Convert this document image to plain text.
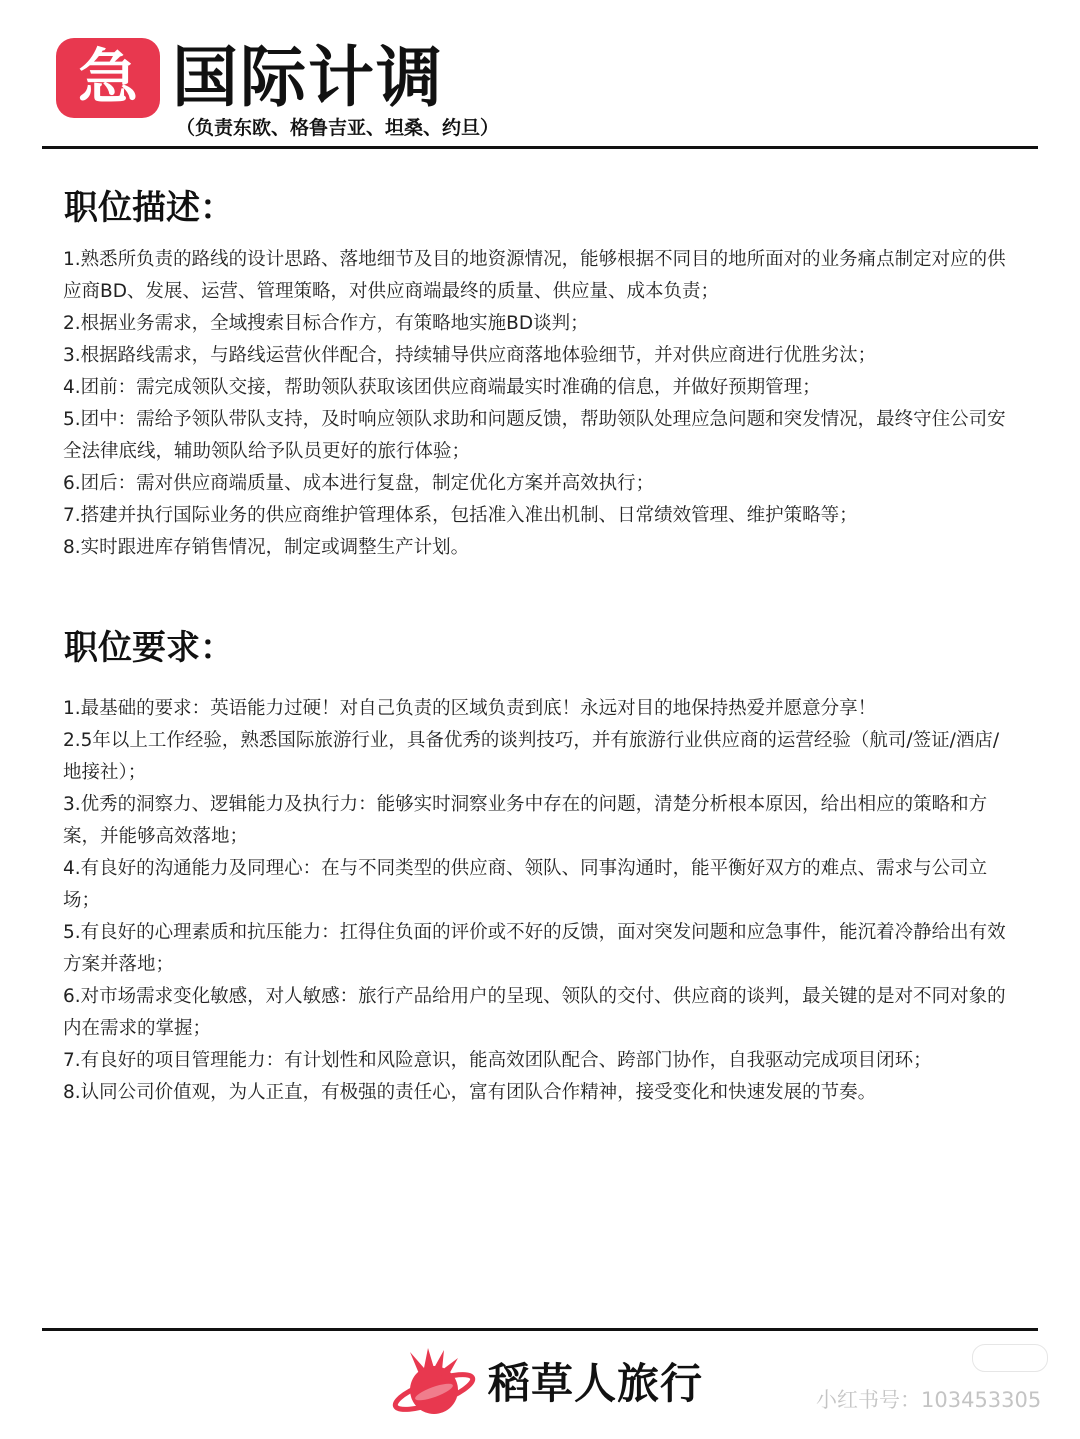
急 国际计调
（负责东欧、格鲁吉亚、坦桑、约旦）
职位描述：
1.熟悉所负责的路线的设计思路、落地细节及目的地资源情况，能够根据不同目的地所面对的业务痛点制定对应的供应商BD、发展、运营、管理策略，对供应商端最终的质量、供应量、成本负责；
2.根据业务需求，全域搜索目标合作方，有策略地实施BD谈判；
3.根据路线需求，与路线运营伙伴配合，持续辅导供应商落地体验细节，并对供应商进行优胜劣汰；
4.团前：需完成领队交接，帮助领队获取该团供应商端最实时准确的信息，并做好预期管理；
5.团中：需给予领队带队支持，及时响应领队求助和问题反馈，帮助领队处理应急问题和突发情况，最终守住公司安全法律底线，辅助领队给予队员更好的旅行体验；
6.团后：需对供应商端质量、成本进行复盘，制定优化方案并高效执行；
7.搭建并执行国际业务的供应商维护管理体系，包括准入准出机制、日常绩效管理、维护策略等；
8.实时跟进库存销售情况，制定或调整生产计划。
职位要求：
1.最基础的要求：英语能力过硬！对自己负责的区域负责到底！永远对目的地保持热爱并愿意分享！
2.5年以上工作经验，熟悉国际旅游行业，具备优秀的谈判技巧，并有旅游行业供应商的运营经验（航司/签证/酒店/地接社）；
3.优秀的洞察力、逻辑能力及执行力：能够实时洞察业务中存在的问题，清楚分析根本原因，给出相应的策略和方案，并能够高效落地；
4.有良好的沟通能力及同理心：在与不同类型的供应商、领队、同事沟通时，能平衡好双方的难点、需求与公司立场；
5.有良好的心理素质和抗压能力：扛得住负面的评价或不好的反馈，面对突发问题和应急事件，能沉着冷静给出有效方案并落地；
6.对市场需求变化敏感，对人敏感：旅行产品给用户的呈现、领队的交付、供应商的谈判，最关键的是对不同对象的内在需求的掌握；
7.有良好的项目管理能力：有计划性和风险意识，能高效团队配合、跨部门协作，自我驱动完成项目闭环；
8.认同公司价值观，为人正直，有极强的责任心，富有团队合作精神，接受变化和快速发展的节奏。
稻草人旅行	小红书号：103453305
